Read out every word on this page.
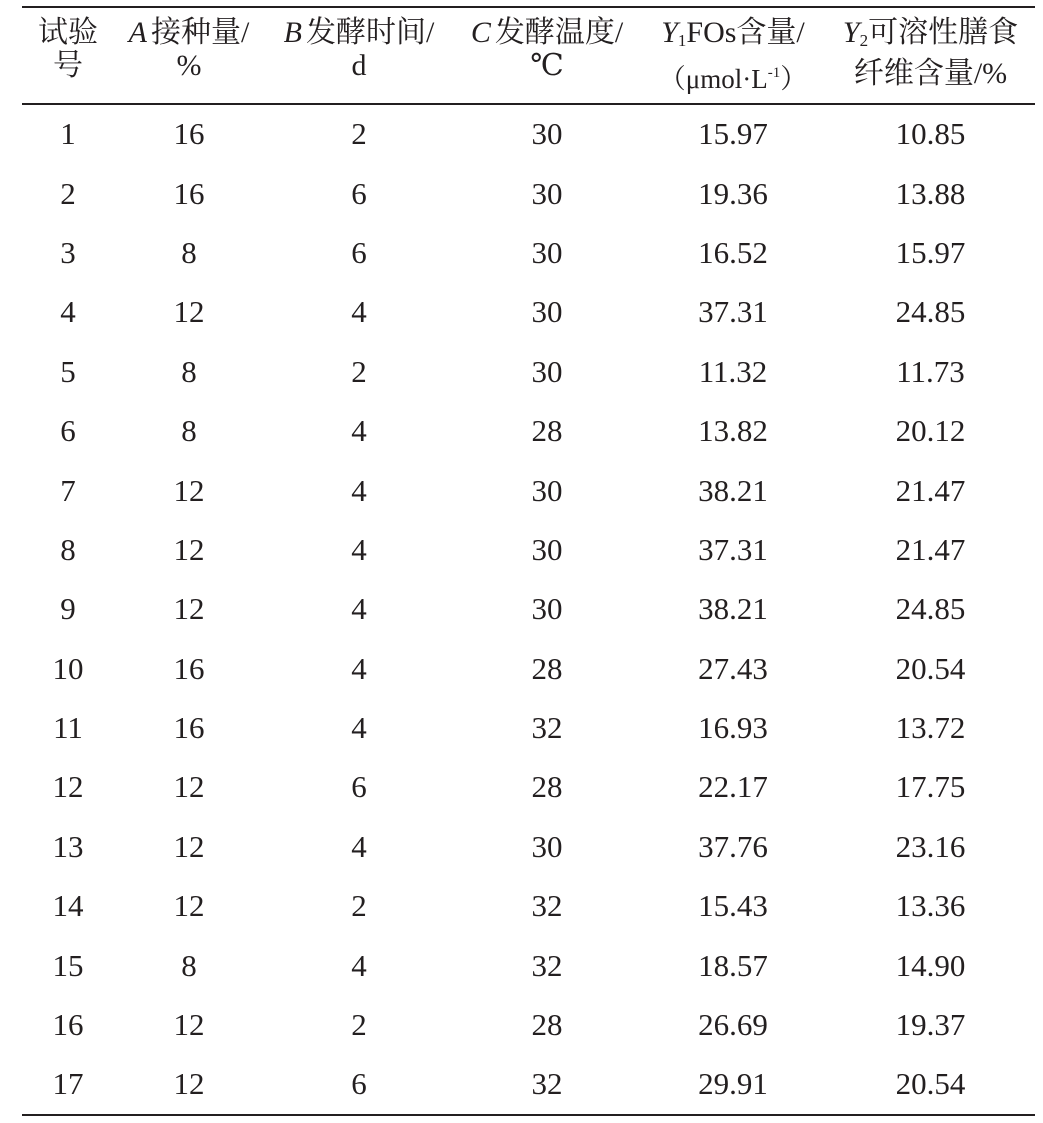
试验
号

A 接种量/
%

B 发酵时间/
d

C 发酵温度/
℃

$Y_1FOs$含量/
$(\mu mol\cdot L^{-1})$

$Y_2$可溶性膳食
纤维含量/%
1	16	2	30	15.97	10.85
2	16	6	30	19.36	13.88
3	8	6	30	16.52	15.97
4	12	4	30	37.31	24.85
5	8	2	30	11.32	11.73
6	8	4	28	13.82	20.12
7	12	4	30	38.21	21.47
8	12	4	30	37.31	21.47
9	12	4	30	38.21	24.85
10	16	4	28	27.43	20.54
11	16	4	32	16.93	13.72
12	12	6	28	22.17	17.75
13	12	4	30	37.76	23.16
14	12	2	32	15.43	13.36
15	8	4	32	18.57	14.90
16	12	2	28	26.69	19.37
17	12	6	32	29.91	20.54
